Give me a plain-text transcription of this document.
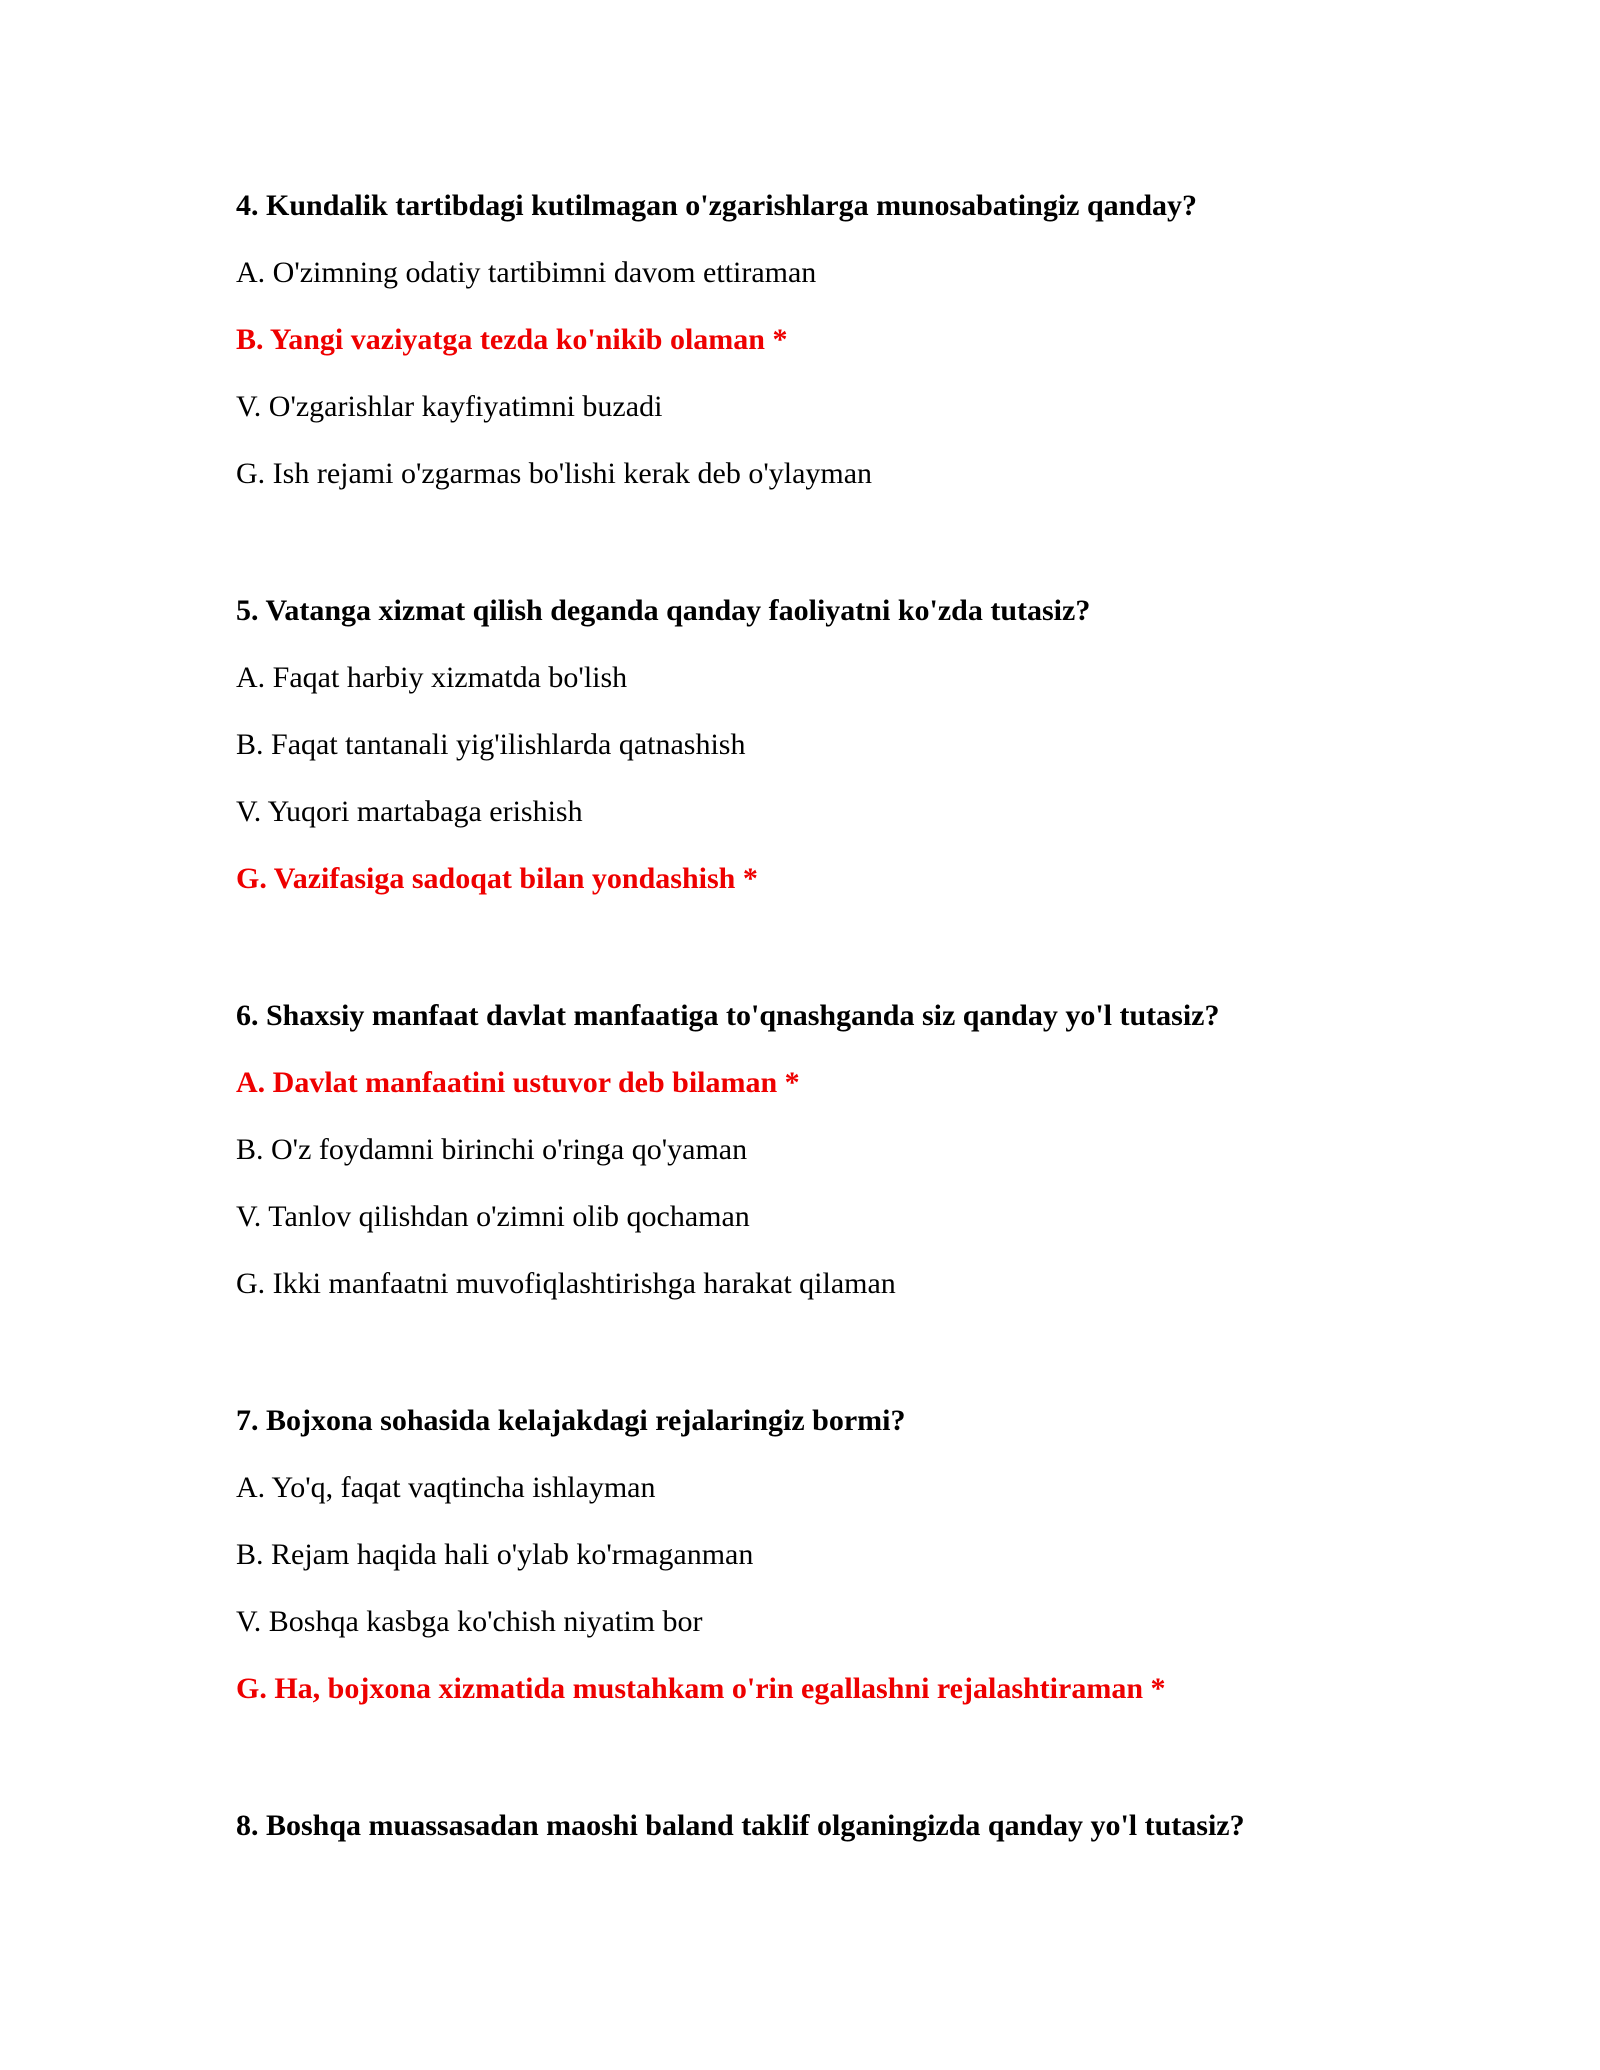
4. Kundalik tartibdagi kutilmagan o'zgarishlarga munosabatingiz qanday?
A. O'zimning odatiy tartibimni davom ettiraman
B. Yangi vaziyatga tezda ko'nikib olaman *
V. O'zgarishlar kayfiyatimni buzadi
G. Ish rejami o'zgarmas bo'lishi kerak deb o'ylayman
5. Vatanga xizmat qilish deganda qanday faoliyatni ko'zda tutasiz?
A. Faqat harbiy xizmatda bo'lish
B. Faqat tantanali yig'ilishlarda qatnashish
V. Yuqori martabaga erishish
G. Vazifasiga sadoqat bilan yondashish *
6. Shaxsiy manfaat davlat manfaatiga to'qnashganda siz qanday yo'l tutasiz?
A. Davlat manfaatini ustuvor deb bilaman *
B. O'z foydamni birinchi o'ringa qo'yaman
V. Tanlov qilishdan o'zimni olib qochaman
G. Ikki manfaatni muvofiqlashtirishga harakat qilaman
7. Bojxona sohasida kelajakdagi rejalaringiz bormi?
A. Yo'q, faqat vaqtincha ishlayman
B. Rejam haqida hali o'ylab ko'rmaganman
V. Boshqa kasbga ko'chish niyatim bor
G. Ha, bojxona xizmatida mustahkam o'rin egallashni rejalashtiraman *
8. Boshqa muassasadan maoshi baland taklif olganingizda qanday yo'l tutasiz?
